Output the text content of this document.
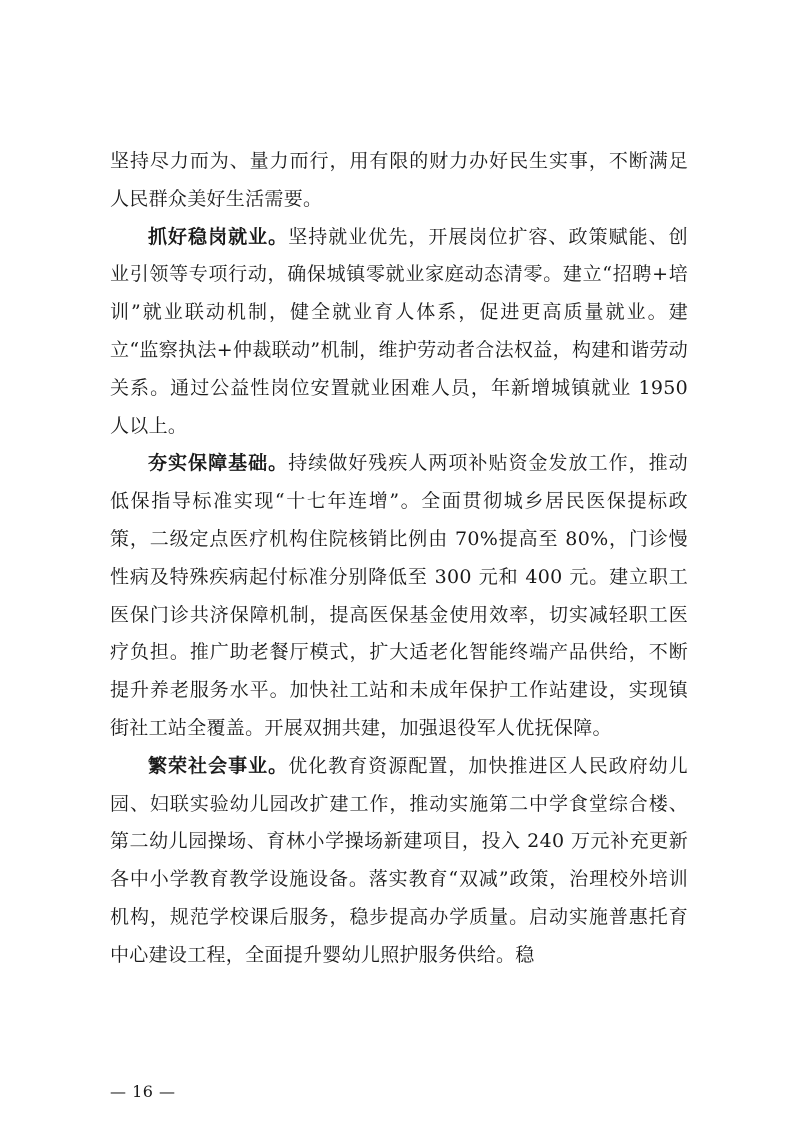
坚持尽力而为、量力而行，用有限的财力办好民生实事，不断满足人民群众美好生活需要。

抓好稳岗就业。坚持就业优先，开展岗位扩容、政策赋能、创业引领等专项行动，确保城镇零就业家庭动态清零。建立“招聘+培训”就业联动机制，健全就业育人体系，促进更高质量就业。建立“监察执法+仲裁联动”机制，维护劳动者合法权益，构建和谐劳动关系。通过公益性岗位安置就业困难人员，年新增城镇就业 1950 人以上。

夯实保障基础。持续做好残疾人两项补贴资金发放工作，推动低保指导标准实现“十七年连增”。全面贯彻城乡居民医保提标政策，二级定点医疗机构住院核销比例由 70%提高至 80%，门诊慢性病及特殊疾病起付标准分别降低至 300 元和 400 元。建立职工医保门诊共济保障机制，提高医保基金使用效率，切实减轻职工医疗负担。推广助老餐厅模式，扩大适老化智能终端产品供给，不断提升养老服务水平。加快社工站和未成年保护工作站建设，实现镇街社工站全覆盖。开展双拥共建，加强退役军人优抚保障。

繁荣社会事业。优化教育资源配置，加快推进区人民政府幼儿园、妇联实验幼儿园改扩建工作，推动实施第二中学食堂综合楼、第二幼儿园操场、育林小学操场新建项目，投入 240 万元补充更新各中小学教育教学设施设备。落实教育“双减”政策，治理校外培训机构，规范学校课后服务，稳步提高办学质量。启动实施普惠托育中心建设工程，全面提升婴幼儿照护服务供给。稳

— 16 —
